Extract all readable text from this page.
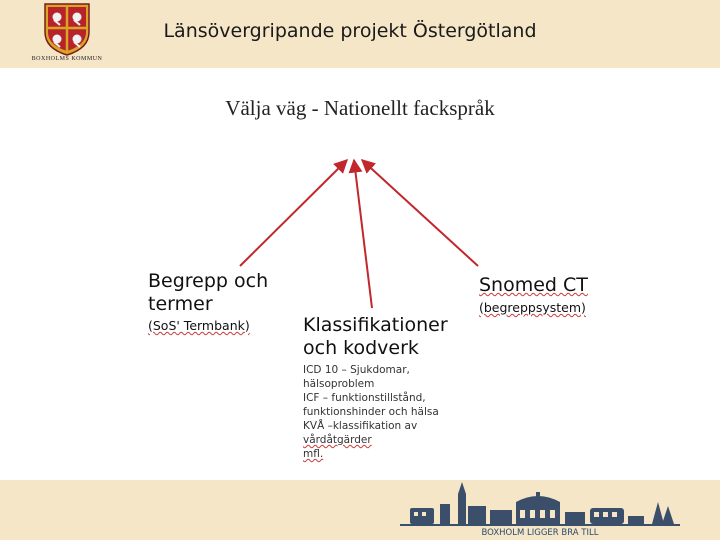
BOXHOLMS KOMMUN
Länsövergripande projekt Östergötland
Välja väg - Nationellt fackspråk
Begrepp och
termer
(SoS' Termbank)	Klassifikationer
och kodverk
ICD 10 – Sjukdomar,
hälsoproblem
ICF – funktionstillstånd,
funktionshinder och hälsa
KVÅ –klassifikation av
vårdåtgärder
mfl.
Snomed CT
(begreppsystem)
BOXHOLM LIGGER BRA TILL
